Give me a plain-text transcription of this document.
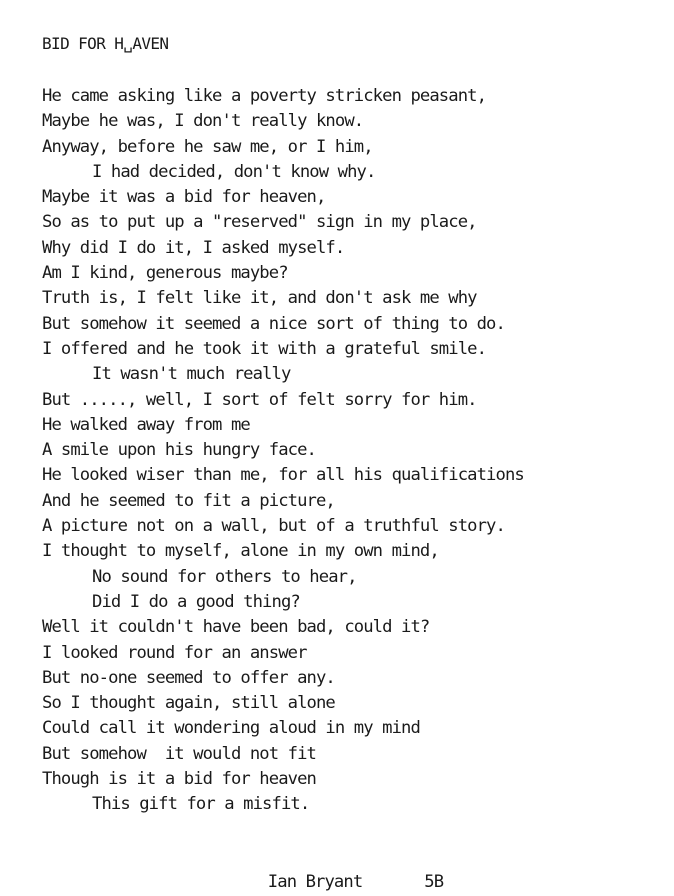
BID FOR H␣AVEN
He came asking like a poverty stricken peasant,
Maybe he was, I don't really know.
Anyway, before he saw me, or I him,
I had decided, don't know why.
Maybe it was a bid for heaven,
So as to put up a "reserved" sign in my place,
Why did I do it, I asked myself.
Am I kind, generous maybe?
Truth is, I felt like it, and don't ask me why
But somehow it seemed a nice sort of thing to do.
I offered and he took it with a grateful smile.
It wasn't much really
But ....., well, I sort of felt sorry for him.
He walked away from me
A smile upon his hungry face.
He looked wiser than me, for all his qualifications
And he seemed to fit a picture,
A picture not on a wall, but of a truthful story.
I thought to myself, alone in my own mind,
No sound for others to hear,
Did I do a good thing?
Well it couldn't have been bad, could it?
I looked round for an answer
But no-one seemed to offer any.
So I thought again, still alone
Could call it wondering aloud in my mind
But somehow  it would not fit
Though is it a bid for heaven
This gift for a misfit.

Ian Bryant	5B
